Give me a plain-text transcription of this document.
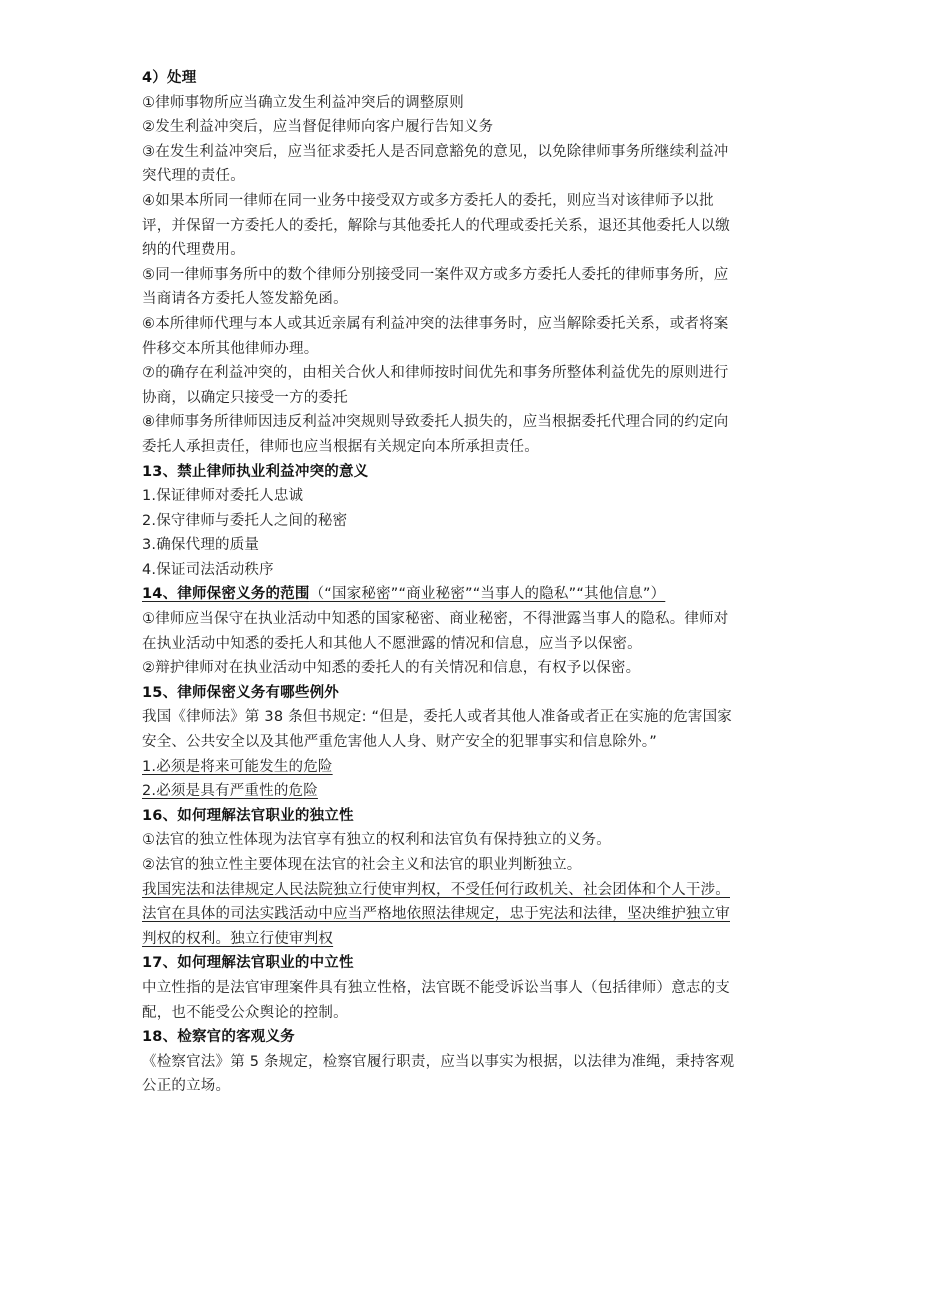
4）处理
①律师事物所应当确立发生利益冲突后的调整原则
②发生利益冲突后，应当督促律师向客户履行告知义务
③在发生利益冲突后，应当征求委托人是否同意豁免的意见，以免除律师事务所继续利益冲
突代理的责任。
④如果本所同一律师在同一业务中接受双方或多方委托人的委托，则应当对该律师予以批
评，并保留一方委托人的委托，解除与其他委托人的代理或委托关系，退还其他委托人以缴
纳的代理费用。
⑤同一律师事务所中的数个律师分别接受同一案件双方或多方委托人委托的律师事务所，应
当商请各方委托人签发豁免函。
⑥本所律师代理与本人或其近亲属有利益冲突的法律事务时，应当解除委托关系，或者将案
件移交本所其他律师办理。
⑦的确存在利益冲突的，由相关合伙人和律师按时间优先和事务所整体利益优先的原则进行
协商，以确定只接受一方的委托
⑧律师事务所律师因违反利益冲突规则导致委托人损失的，应当根据委托代理合同的约定向
委托人承担责任，律师也应当根据有关规定向本所承担责任。
13、禁止律师执业利益冲突的意义
1.保证律师对委托人忠诚
2.保守律师与委托人之间的秘密
3.确保代理的质量
4.保证司法活动秩序
14、律师保密义务的范围（“国家秘密”“商业秘密”“当事人的隐私”“其他信息”）
①律师应当保守在执业活动中知悉的国家秘密、商业秘密，不得泄露当事人的隐私。律师对
在执业活动中知悉的委托人和其他人不愿泄露的情况和信息，应当予以保密。
②辩护律师对在执业活动中知悉的委托人的有关情况和信息，有权予以保密。
15、律师保密义务有哪些例外
我国《律师法》第 38 条但书规定: “但是，委托人或者其他人准备或者正在实施的危害国家
安全、公共安全以及其他严重危害他人人身、财产安全的犯罪事实和信息除外。”
1.必须是将来可能发生的危险
2.必须是具有严重性的危险
16、如何理解法官职业的独立性
①法官的独立性体现为法官享有独立的权利和法官负有保持独立的义务。
②法官的独立性主要体现在法官的社会主义和法官的职业判断独立。
我国宪法和法律规定人民法院独立行使审判权，不受任何行政机关、社会团体和个人干涉。
法官在具体的司法实践活动中应当严格地依照法律规定，忠于宪法和法律，坚决维护独立审
判权的权利。独立行使审判权
17、如何理解法官职业的中立性
中立性指的是法官审理案件具有独立性格，法官既不能受诉讼当事人（包括律师）意志的支
配，也不能受公众舆论的控制。
18、检察官的客观义务
《检察官法》第 5 条规定，检察官履行职责，应当以事实为根据，以法律为准绳，秉持客观
公正的立场。
